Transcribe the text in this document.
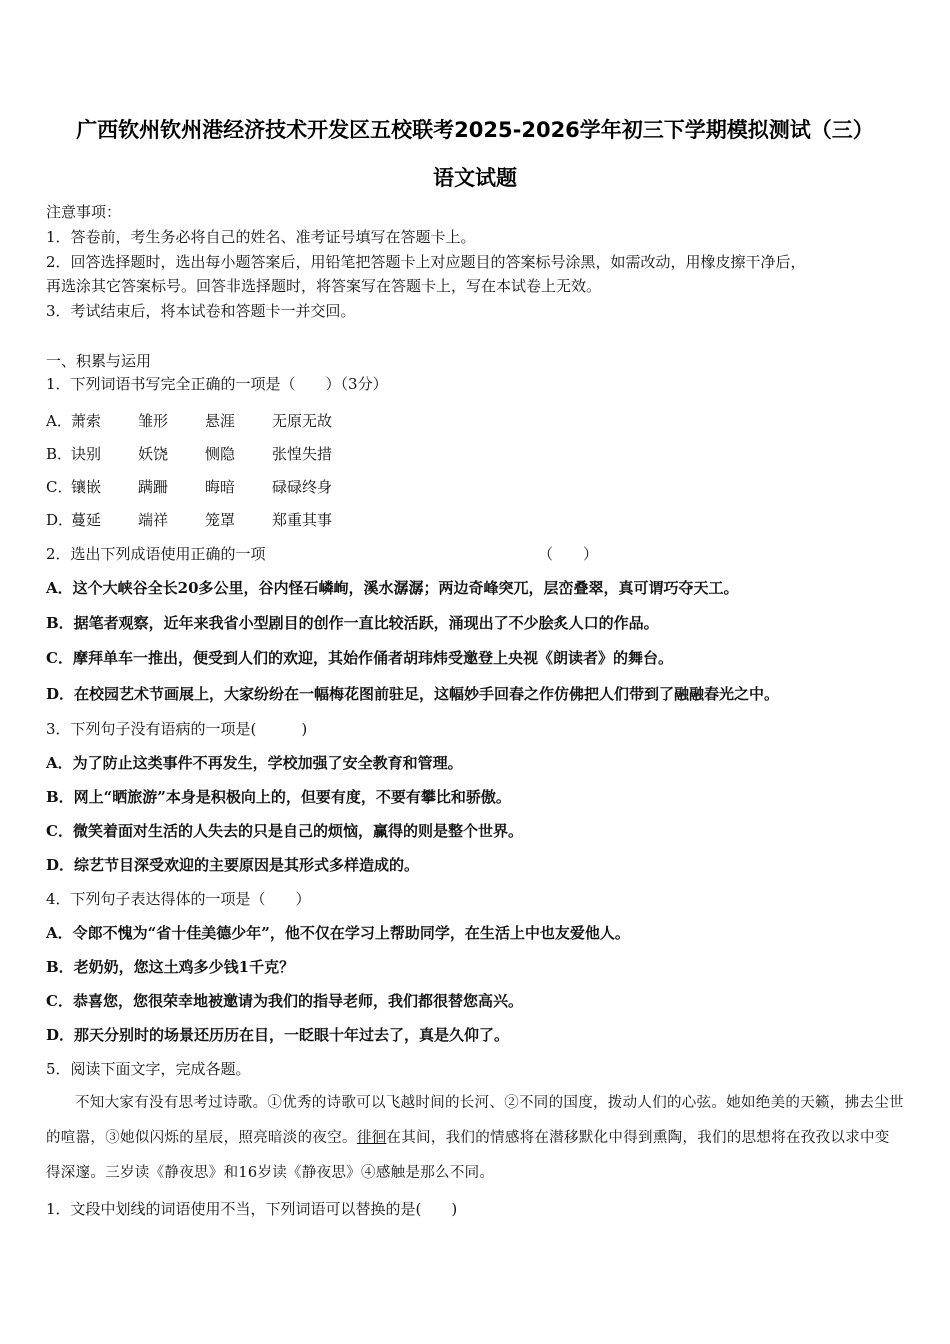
广西钦州钦州港经济技术开发区五校联考2025-2026学年初三下学期模拟测试（三）
语文试题
注意事项：
1．答卷前，考生务必将自己的姓名、准考证号填写在答题卡上。
2．回答选择题时，选出每小题答案后，用铅笔把答题卡上对应题目的答案标号涂黑，如需改动，用橡皮擦干净后，
再选涂其它答案标号。回答非选择题时，将答案写在答题卡上，写在本试卷上无效。
3．考试结束后，将本试卷和答题卡一并交回。
一、积累与运用
1．下列词语书写完全正确的一项是（　　）（3分）
A． 萧索 雏形 悬涯 无原无故
B．
诀别 妖饶 恻隐 张惶失措
C．
镶嵌 蹒跚 晦暗 碌碌终身
D．
蔓延 端祥 笼罩 郑重其事
2．选出下列成语使用正确的一项	（　　）
A．这个大峡谷全长20多公里，谷内怪石嶙峋，溪水潺潺；两边奇峰突兀，层峦叠翠，真可谓巧夺天工。
B．据笔者观察，近年来我省小型剧目的创作一直比较活跃，涌现出了不少脍炙人口的作品。
C．摩拜单车一推出，便受到人们的欢迎，其始作俑者胡玮炜受邀登上央视《朗读者》的舞台。
D．在校园艺术节画展上，大家纷纷在一幅梅花图前驻足，这幅妙手回春之作仿佛把人们带到了融融春光之中。
3．下列句子没有语病的一项是(　　　)
A．为了防止这类事件不再发生，学校加强了安全教育和管理。
B．网上“晒旅游”本身是积极向上的，但要有度，不要有攀比和骄傲。
C．微笑着面对生活的人失去的只是自己的烦恼，赢得的则是整个世界。
D．综艺节目深受欢迎的主要原因是其形式多样造成的。
4．下列句子表达得体的一项是（　　）
A．令郎不愧为“省十佳美德少年”，他不仅在学习上帮助同学，在生活上中也友爱他人。
B．老奶奶，您这土鸡多少钱1千克？
C．恭喜您，您很荣幸地被邀请为我们的指导老师，我们都很替您高兴。
D．那天分别时的场景还历历在目，一眨眼十年过去了，真是久仰了。
5．阅读下面文字，完成各题。
不知大家有没有思考过诗歌。①优秀的诗歌可以飞越时间的长河、②不同的国度，拨动人们的心弦。她如绝美的天籁，拂去尘世的喧嚣，③她似闪烁的星辰，照亮暗淡的夜空。徘徊在其间，我们的情感将在潜移默化中得到熏陶，我们的思想将在孜孜以求中变得深邃。三岁读《静夜思》和16岁读《静夜思》④感触是那么不同。
1．文段中划线的词语使用不当，下列词语可以替换的是(　　)
